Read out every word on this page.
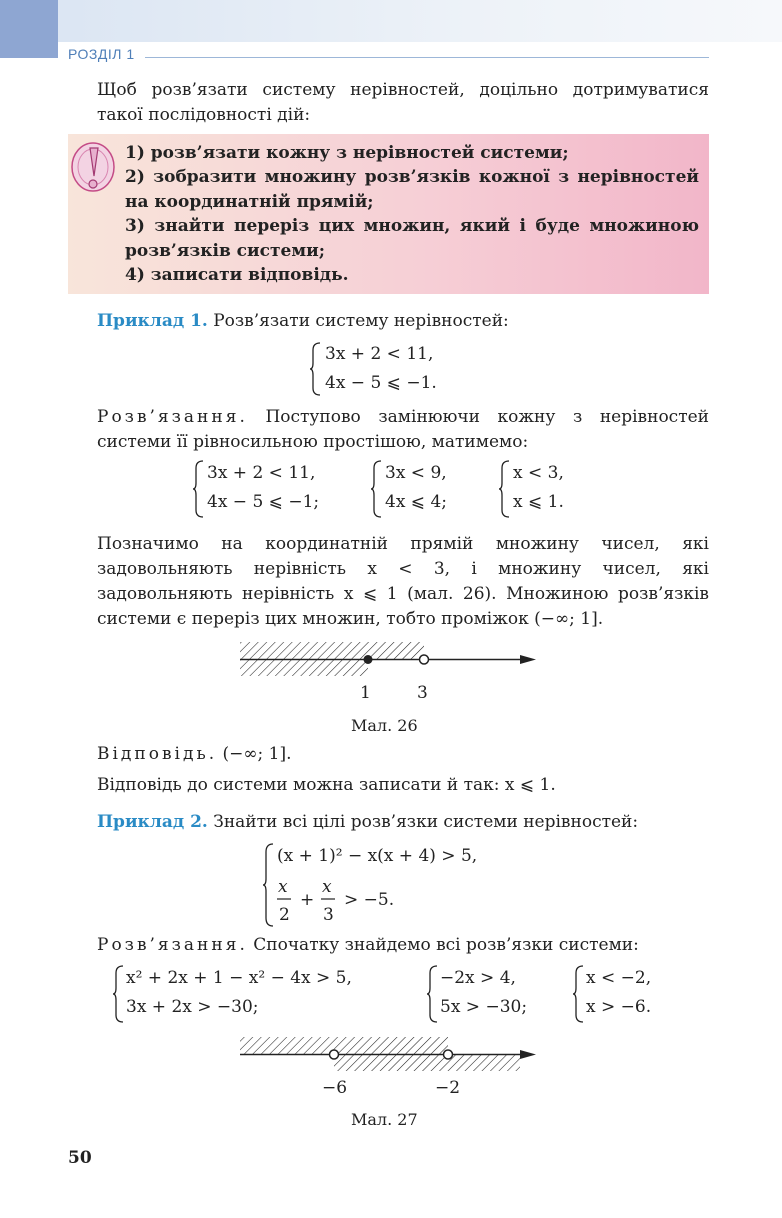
РОЗДІЛ 1
Щоб розв’язати систему нерівностей, доцільно дотримуватися такої послідовності дій:
1) розв’язати кожну з нерівностей системи;
2) зобразити множину розв’язків кожної з нерівностей на координатній прямій;
3) знайти переріз цих множин, який і буде множиною розв’язків системи;
4) записати відповідь.
Приклад 1. Розв’язати систему нерівностей:
3x + 2 < 11,
4x − 5 ⩽ −1.
Розв’язання. Поступово замінюючи кожну з нерівностей системи її рівносильною простішою, матимемо:
3x + 2 < 11,
4x − 5 ⩽ −1;
3x < 9,
4x ⩽ 4;
x < 3,
x ⩽ 1.
Позначимо на координатній прямій множину чисел, які задовольняють нерівність x < 3, і множину чисел, які задовольняють нерівність x ⩽ 1 (мал. 26). Множиною розв’язків системи є переріз цих множин, тобто проміжок (−∞; 1].
1	3
Мал. 26
Відповідь. (−∞; 1].
Відповідь до системи можна записати й так: x ⩽ 1.
Приклад 2. Знайти всі цілі розв’язки системи нерівностей:
(x + 1)² − x(x + 4) > 5,
x
2
+
x
3
> −5.
Розв’язання. Спочатку знайдемо всі розв’язки системи:
x² + 2x + 1 − x² − 4x > 5,
3x + 2x > −30;
−2x > 4,
5x > −30;
x < −2,
x > −6.
−6	−2
Мал. 27
50
